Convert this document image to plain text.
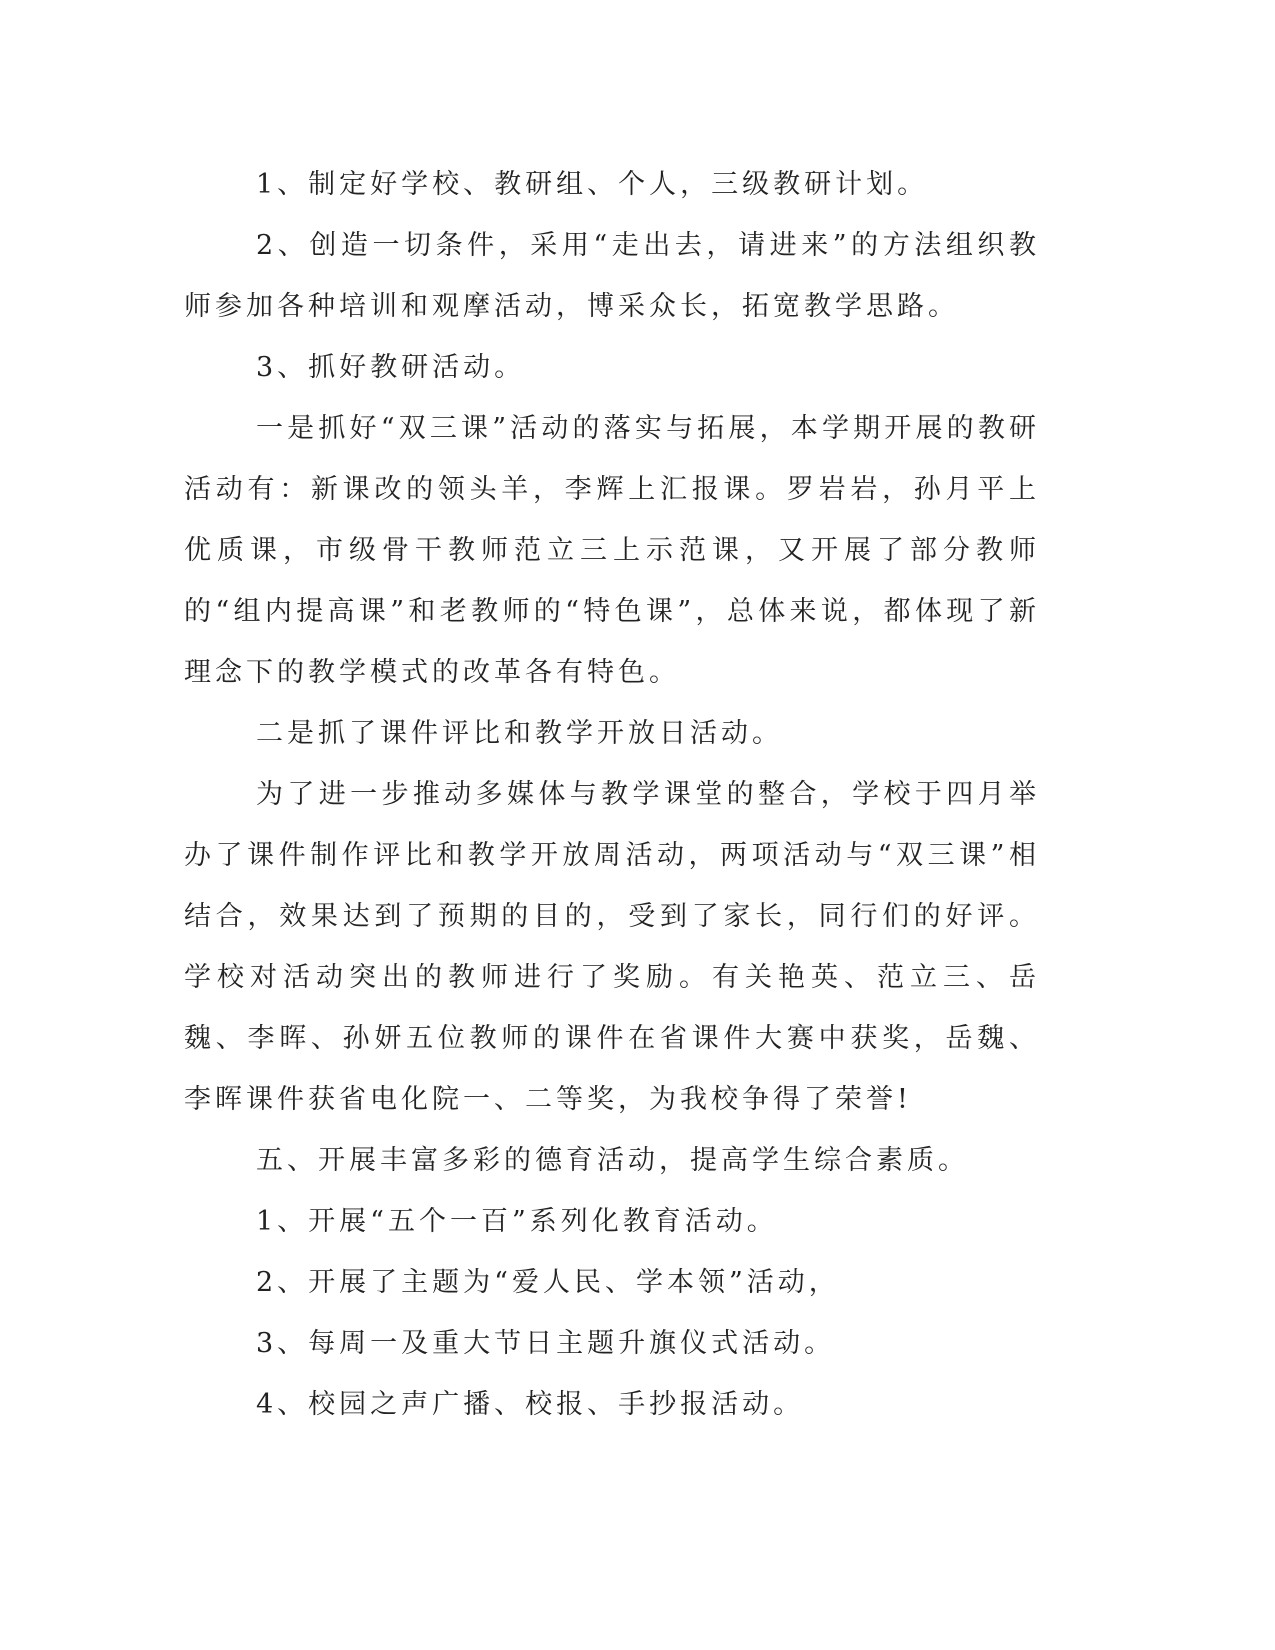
1、制定好学校、教研组、个人，三级教研计划。

2、创造一切条件，采用“走出去，请进来”的方法组织教师参加各种培训和观摩活动，博采众长，拓宽教学思路。

3、抓好教研活动。

一是抓好“双三课”活动的落实与拓展，本学期开展的教研活动有：新课改的领头羊，李辉上汇报课。罗岩岩，孙月平上优质课，市级骨干教师范立三上示范课，又开展了部分教师的“组内提高课”和老教师的“特色课”，总体来说，都体现了新理念下的教学模式的改革各有特色。

二是抓了课件评比和教学开放日活动。

为了进一步推动多媒体与教学课堂的整合，学校于四月举办了课件制作评比和教学开放周活动，两项活动与“双三课”相结合，效果达到了预期的目的，受到了家长，同行们的好评。学校对活动突出的教师进行了奖励。有关艳英、范立三、岳魏、李晖、孙妍五位教师的课件在省课件大赛中获奖，岳魏、李晖课件获省电化院一、二等奖，为我校争得了荣誉!

五、开展丰富多彩的德育活动，提高学生综合素质。

1、开展“五个一百”系列化教育活动。

2、开展了主题为“爱人民、学本领”活动，

3、每周一及重大节日主题升旗仪式活动。

4、校园之声广播、校报、手抄报活动。
